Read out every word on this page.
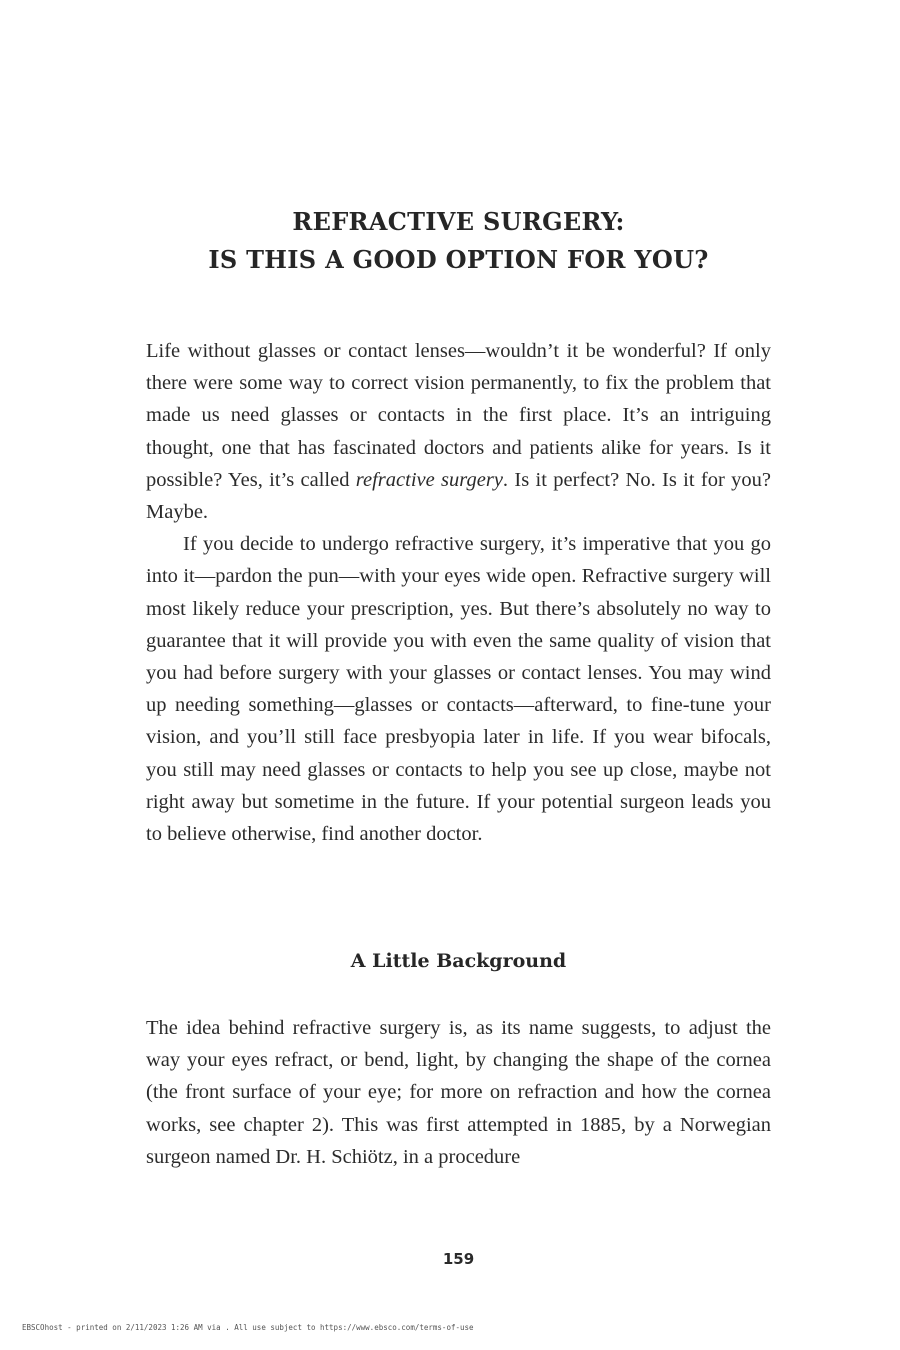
REFRACTIVE SURGERY:
IS THIS A GOOD OPTION FOR YOU?

Life without glasses or contact lenses—wouldn’t it be wonderful? If only there were some way to correct vision permanently, to fix the problem that made us need glasses or contacts in the first place. It’s an intriguing thought, one that has fascinated doctors and patients alike for years. Is it possible? Yes, it’s called refractive surgery. Is it perfect? No. Is it for you? Maybe.

If you decide to undergo refractive surgery, it’s imperative that you go into it—pardon the pun—with your eyes wide open. Refractive surgery will most likely reduce your prescription, yes. But there’s absolutely no way to guarantee that it will provide you with even the same quality of vision that you had before surgery with your glasses or contact lenses. You may wind up needing something—glasses or contacts—afterward, to fine-tune your vision, and you’ll still face presbyopia later in life. If you wear bifocals, you still may need glasses or contacts to help you see up close, maybe not right away but sometime in the future. If your potential surgeon leads you to believe otherwise, find another doctor.

A Little Background

The idea behind refractive surgery is, as its name suggests, to adjust the way your eyes refract, or bend, light, by changing the shape of the cornea (the front surface of your eye; for more on refraction and how the cornea works, see chapter 2). This was first attempted in 1885, by a Norwegian surgeon named Dr. H. Schiötz, in a procedure

159
EBSCOhost - printed on 2/11/2023 1:26 AM via . All use subject to https://www.ebsco.com/terms-of-use
